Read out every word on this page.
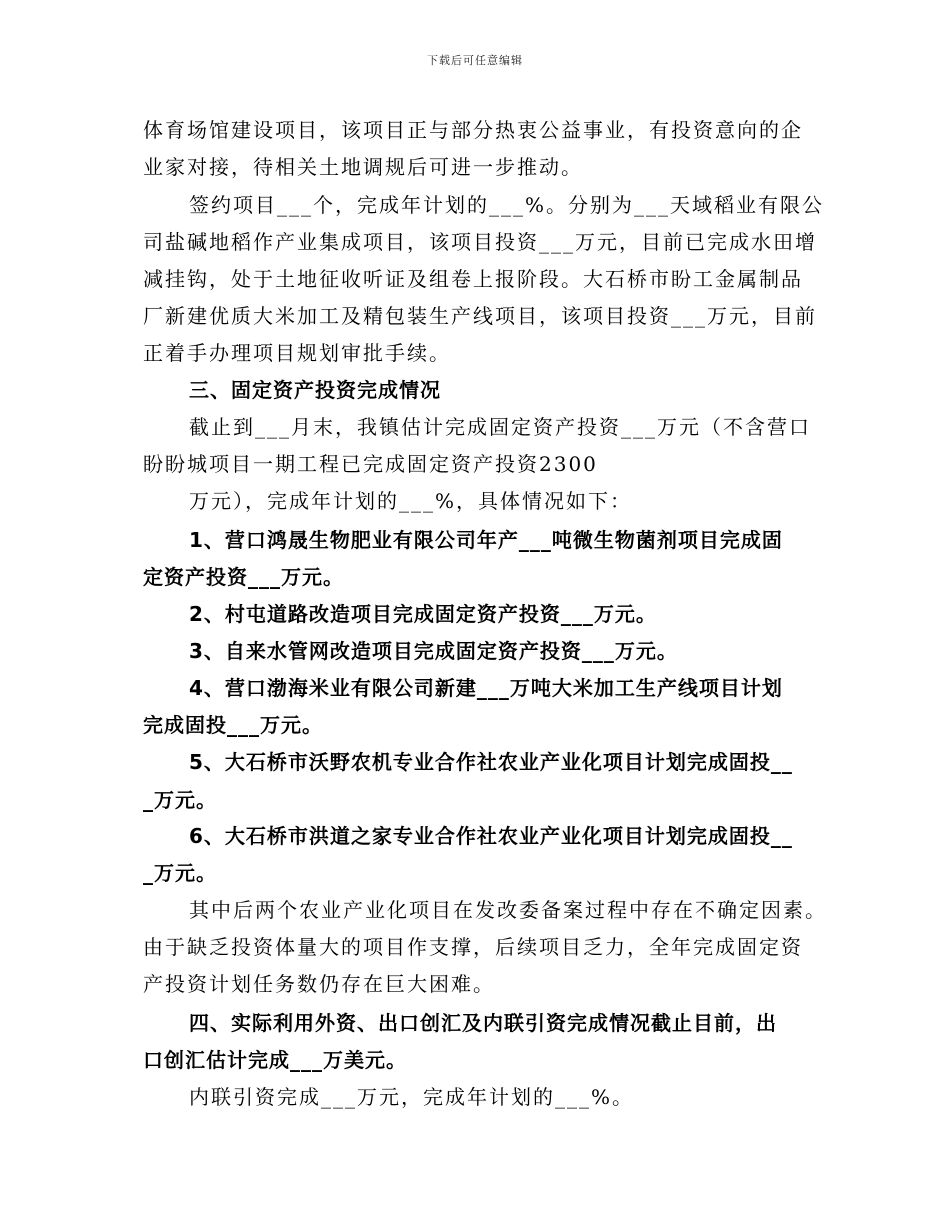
下载后可任意编辑
体育场馆建设项目，该项目正与部分热衷公益事业，有投资意向的企
业家对接，待相关土地调规后可进一步推动。
签约项目___个，完成年计划的___%。分别为___天域稻业有限公
司盐碱地稻作产业集成项目，该项目投资___万元，目前已完成水田增
减挂钩，处于土地征收听证及组卷上报阶段。大石桥市盼工金属制品
厂新建优质大米加工及精包装生产线项目，该项目投资___万元，目前
正着手办理项目规划审批手续。
三、固定资产投资完成情况
截止到___月末，我镇估计完成固定资产投资___万元（不含营口
盼盼城项目一期工程已完成固定资产投资2300
万元），完成年计划的___%，具体情况如下：
1、营口鸿晟生物肥业有限公司年产___吨微生物菌剂项目完成固
定资产投资___万元。
2、村屯道路改造项目完成固定资产投资___万元。
3、自来水管网改造项目完成固定资产投资___万元。
4、营口渤海米业有限公司新建___万吨大米加工生产线项目计划
完成固投___万元。
5、大石桥市沃野农机专业合作社农业产业化项目计划完成固投__
_万元。
6、大石桥市洪道之家专业合作社农业产业化项目计划完成固投__
_万元。
其中后两个农业产业化项目在发改委备案过程中存在不确定因素。
由于缺乏投资体量大的项目作支撑，后续项目乏力，全年完成固定资
产投资计划任务数仍存在巨大困难。
四、实际利用外资、出口创汇及内联引资完成情况截止目前，出
口创汇估计完成___万美元。
内联引资完成___万元，完成年计划的___%。
